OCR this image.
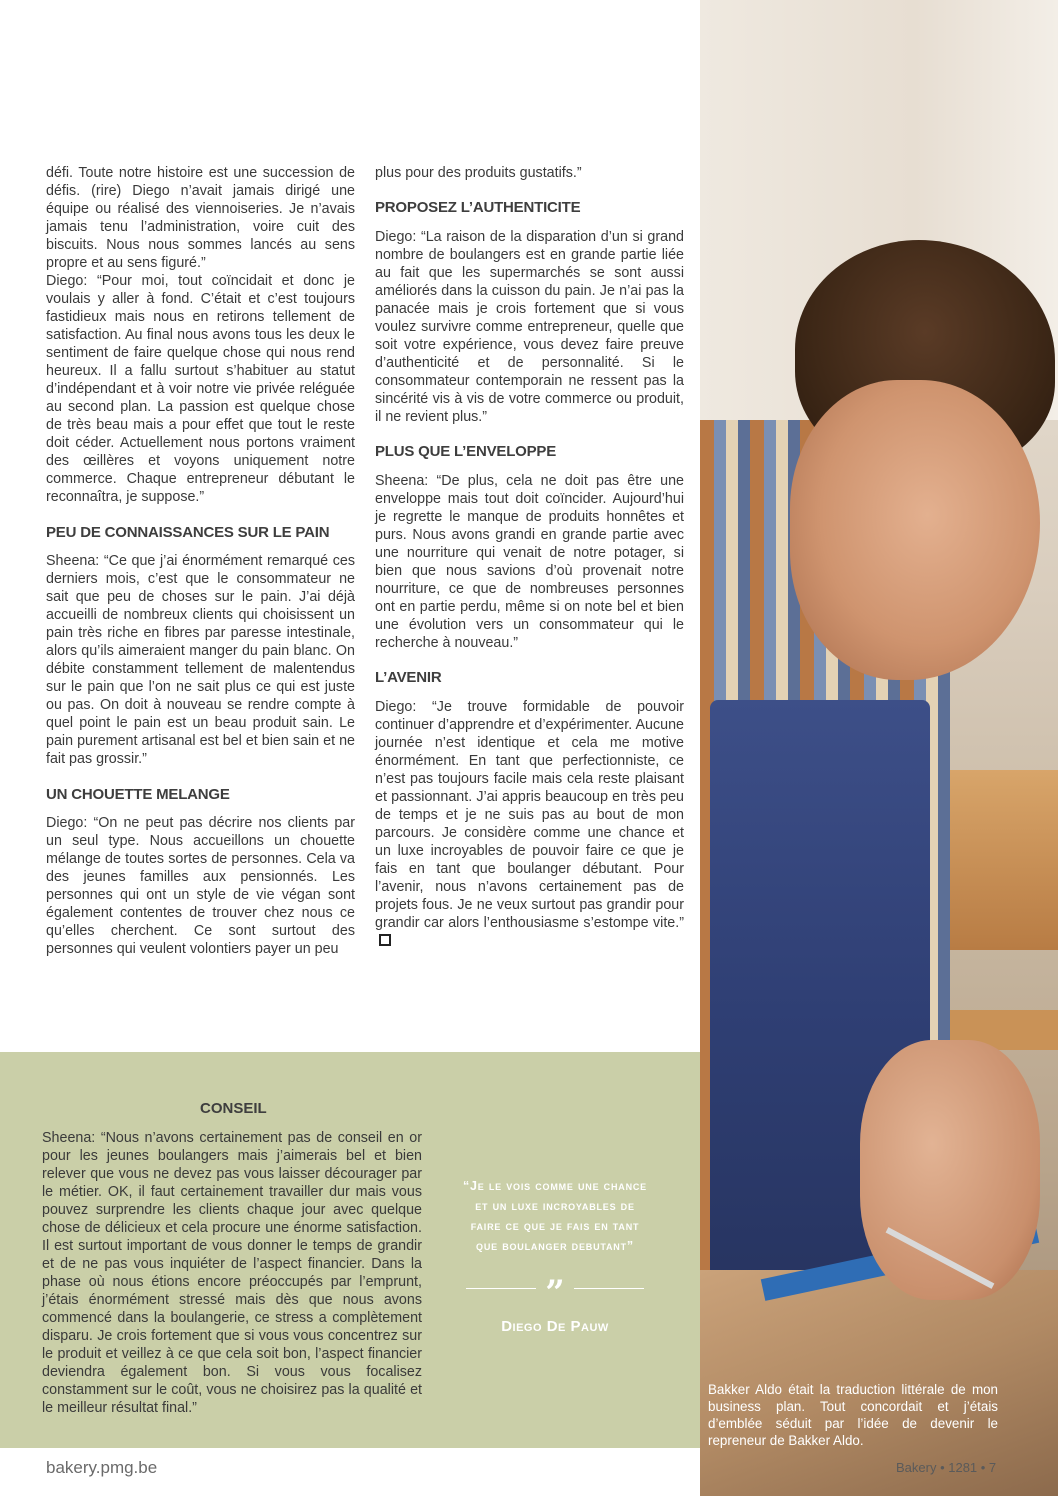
Bakker Aldo était la traduction littérale de mon business plan. Tout concordait et j’étais d’emblée séduit par l’idée de devenir le repreneur de Bakker Aldo.

défi. Toute notre histoire est une succession de défis. (rire) Diego n’avait jamais dirigé une équipe ou réalisé des viennoiseries. Je n’avais jamais tenu l’administration, voire cuit des biscuits. Nous nous sommes lancés au sens propre et au sens figuré.”

Diego: “Pour moi, tout coïncidait et donc je voulais y aller à fond. C’était et c’est toujours fastidieux mais nous en retirons tellement de satisfaction. Au final nous avons tous les deux le sentiment de faire quelque chose qui nous rend heureux. Il a fallu surtout s’habituer au statut d’indépendant et à voir notre vie privée reléguée au second plan. La passion est quelque chose de très beau mais a pour effet que tout le reste doit céder. Actuellement nous portons vraiment des œillères et voyons uniquement notre commerce. Chaque entrepreneur débutant le reconnaîtra, je suppose.”

PEU DE CONNAISSANCES SUR LE PAIN

Sheena: “Ce que j’ai énormément remarqué ces derniers mois, c’est que le consommateur ne sait que peu de choses sur le pain. J’ai déjà accueilli de nombreux clients qui choisissent un pain très riche en fibres par paresse intestinale, alors qu’ils aimeraient manger du pain blanc. On débite constamment tellement de malentendus sur le pain que l’on ne sait plus ce qui est juste ou pas. On doit à nouveau se rendre compte à quel point le pain est un beau produit sain. Le pain purement artisanal est bel et bien sain et ne fait pas grossir.”

UN CHOUETTE MELANGE

Diego: “On ne peut pas décrire nos clients par un seul type. Nous accueillons un chouette mélange de toutes sortes de personnes. Cela va des jeunes familles aux pensionnés. Les personnes qui ont un style de vie végan sont également contentes de trouver chez nous ce qu’elles cherchent. Ce sont surtout des personnes qui veulent volontiers payer un peu

plus pour des produits gustatifs.”

PROPOSEZ L’AUTHENTICITE

Diego: “La raison de la disparation d’un si grand nombre de boulangers est en grande partie liée au fait que les supermarchés se sont aussi améliorés dans la cuisson du pain. Je n’ai pas la panacée mais je crois fortement que si vous voulez survivre comme entrepreneur, quelle que soit votre expérience, vous devez faire preuve d’authenticité et de personnalité. Si le consommateur contemporain ne ressent pas la sincérité vis à vis de votre commerce ou produit, il ne revient plus.”

PLUS QUE L’ENVELOPPE

Sheena: “De plus, cela ne doit pas être une enveloppe mais tout doit coïncider. Aujourd’hui je regrette le manque de produits honnêtes et purs. Nous avons grandi en grande partie avec une nourriture qui venait de notre potager, si bien que nous savions d’où provenait notre nourriture, ce que de nombreuses personnes ont en partie perdu, même si on note bel et bien une évolution vers un consommateur qui le recherche à nouveau.”

L’AVENIR

Diego: “Je trouve formidable de pouvoir continuer d’apprendre et d’expérimenter. Aucune journée n’est identique et cela me motive énormément. En tant que perfectionniste, ce n’est pas toujours facile mais cela reste plaisant et passionnant. J’ai appris beaucoup en très peu de temps et je ne suis pas au bout de mon parcours. Je considère comme une chance et un luxe incroyables de pouvoir faire ce que je fais en tant que boulanger débutant. Pour l’avenir, nous n’avons certainement pas de projets fous. Je ne veux surtout pas grandir pour grandir car alors l’enthousiasme s’estompe vite.”

CONSEIL

Sheena: “Nous n’avons certainement pas de conseil en or pour les jeunes boulangers mais j’aimerais bel et bien relever que vous ne devez pas vous laisser décourager par le métier. OK, il faut certainement travailler dur mais vous pouvez surprendre les clients chaque jour avec quelque chose de délicieux et cela procure une énorme satisfaction. Il est surtout important de vous donner le temps de grandir et de ne pas vous inquiéter de l’aspect financier. Dans la phase où nous étions encore préoccupés par l’emprunt, j’étais énormément stressé mais dès que nous avons commencé dans la boulangerie, ce stress a complètement disparu. Je crois fortement que si vous vous concentrez sur le produit et veillez à ce que cela soit bon, l’aspect financier deviendra également bon. Si vous vous focalisez constamment sur le coût, vous ne choisirez pas la qualité et le meilleur résultat final.”

“Je le vois comme une chance et un luxe incroyables de faire ce que je fais en tant que boulanger debutant”
”
Diego De Pauw
bakery.pmg.be	Bakery • 1281 • 7
